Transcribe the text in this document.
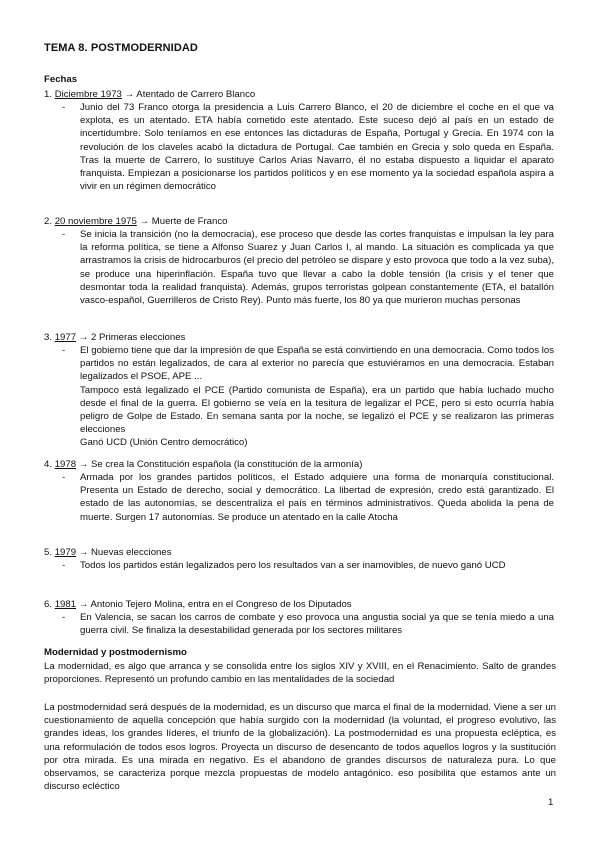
TEMA 8. POSTMODERNIDAD
Fechas
1. Diciembre 1973 → Atentado de Carrero Blanco
- Junio del 73 Franco otorga la presidencia a Luis Carrero Blanco, el 20 de diciembre el coche en el que va explota, es un atentado. ETA había cometido este atentado. Este suceso dejó al país en un estado de incertidumbre. Solo teníamos en ese entonces las dictaduras de España, Portugal y Grecia. En 1974 con la revolución de los claveles acabó la dictadura de Portugal. Cae también en Grecia y solo queda en España. Tras la muerte de Carrero, lo sustituye Carlos Arias Navarro, él no estaba dispuesto a liquidar el aparato franquista. Empiezan a posicionarse los partidos políticos y en ese momento ya la sociedad española aspira a vivir en un régimen democrático
2. 20 noviembre 1975 → Muerte de Franco
- Se inicia la transición (no la democracia), ese proceso que desde las cortes franquistas e impulsan la ley para la reforma política, se tiene a Alfonso Suarez y Juan Carlos I, al mando. La situación es complicada ya que arrastramos la crisis de hidrocarburos (el precio del petróleo se dispare y esto provoca que todo a la vez suba), se produce una hiperinflación. España tuvo que llevar a cabo la doble tensión (la crisis y el tener que desmontar toda la realidad franquista). Además, grupos terroristas golpean constantemente (ETA, el batallón vasco-español, Guerrilleros de Cristo Rey). Punto más fuerte, los 80 ya que murieron muchas personas
3. 1977 → 2 Primeras elecciones
- El gobierno tiene que dar la impresión de que España se está convirtiendo en una democracia. Como todos los partidos no están legalizados, de cara al exterior no parecía que estuviéramos en una democracia. Estaban legalizados el PSOE, APE ...
Tampoco está legalizado el PCE (Partido comunista de España), era un partido que había luchado mucho desde el final de la guerra. El gobierno se veía en la tesitura de legalizar el PCE, pero si esto ocurría había peligro de Golpe de Estado. En semana santa por la noche, se legalizó el PCE y se realizaron las primeras elecciones
Ganó UCD (Unión Centro democrático)
4. 1978 → Se crea la Constitución española (la constitución de la armonía)
- Armada por los grandes partidos políticos, el Estado adquiere una forma de monarquía constitucional. Presenta un Estado de derecho, social y democrático. La libertad de expresión, credo está garantizado. El estado de las autonomías, se descentraliza el país en términos administrativos. Queda abolida la pena de muerte. Surgen 17 autonomías. Se produce un atentado en la calle Atocha
5. 1979 → Nuevas elecciones
- Todos los partidos están legalizados pero los resultados van a ser inamovibles, de nuevo ganó UCD
6. 1981 → Antonio Tejero Molina, entra en el Congreso de los Diputados
- En Valencia, se sacan los carros de combate y eso provoca una angustia social ya que se tenía miedo a una guerra civil. Se finaliza la desestabilidad generada por los sectores militares
Modernidad y postmodernismo
La modernidad, es algo que arranca y se consolida entre los siglos XIV y XVIII, en el Renacimiento. Salto de grandes proporciones. Representó un profundo cambio en las mentalidades de la sociedad
La postmodernidad será después de la modernidad, es un discurso que marca el final de la modernidad. Viene a ser un cuestionamiento de aquella concepción que había surgido con la modernidad (la voluntad, el progreso evolutivo, las grandes ideas, los grandes líderes, el triunfo de la globalización). La postmodernidad es una propuesta ecléptica, es una reformulación de todos esos logros. Proyecta un discurso de desencanto de todos aquellos logros y la sustitución por otra mirada. Es una mirada en negativo. Es el abandono de grandes discursos de naturaleza pura. Lo que observamos, se caracteriza porque mezcla propuestas de modelo antagónico. eso posibilita que estamos ante un discurso ecléctico
1
